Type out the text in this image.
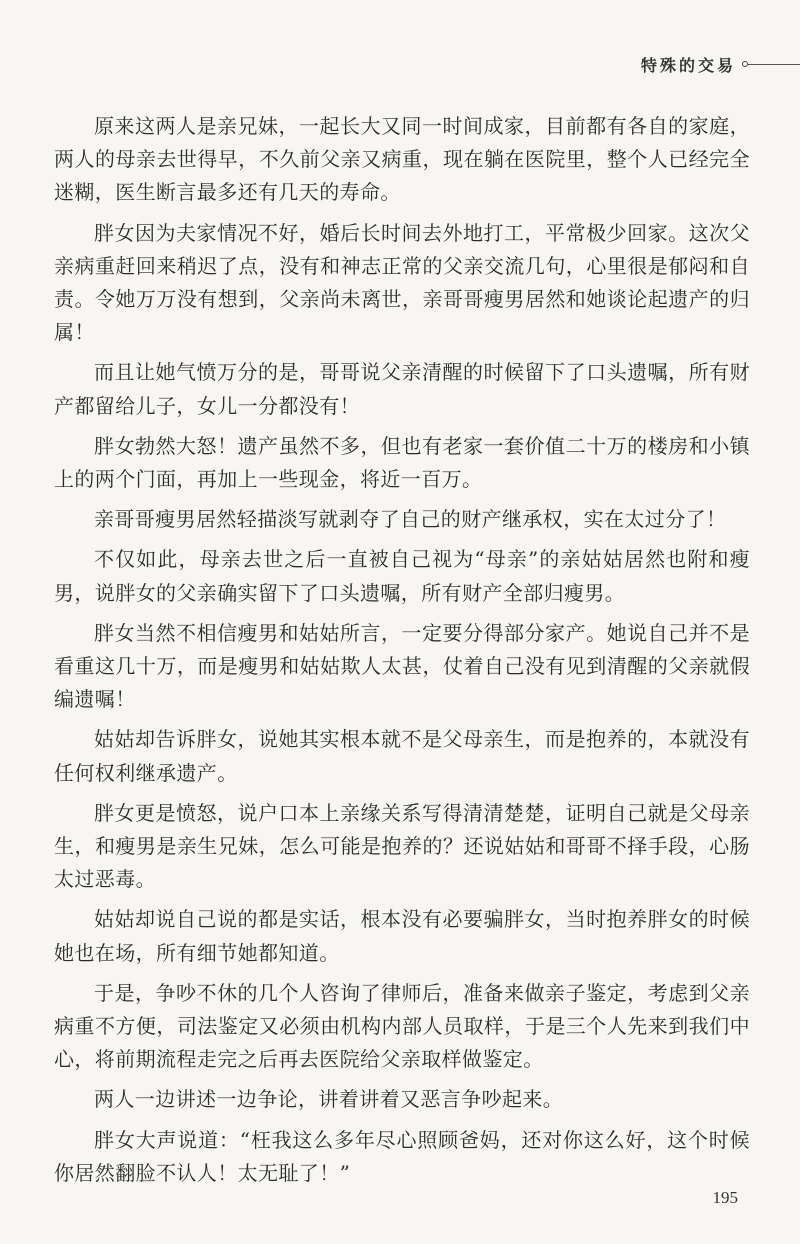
特殊的交易

原来这两人是亲兄妹，一起长大又同一时间成家，目前都有各自的家庭，两人的母亲去世得早，不久前父亲又病重，现在躺在医院里，整个人已经完全迷糊，医生断言最多还有几天的寿命。

胖女因为夫家情况不好，婚后长时间去外地打工，平常极少回家。这次父亲病重赶回来稍迟了点，没有和神志正常的父亲交流几句，心里很是郁闷和自责。令她万万没有想到，父亲尚未离世，亲哥哥瘦男居然和她谈论起遗产的归属！

而且让她气愤万分的是，哥哥说父亲清醒的时候留下了口头遗嘱，所有财产都留给儿子，女儿一分都没有！

胖女勃然大怒！遗产虽然不多，但也有老家一套价值二十万的楼房和小镇上的两个门面，再加上一些现金，将近一百万。

亲哥哥瘦男居然轻描淡写就剥夺了自己的财产继承权，实在太过分了！

不仅如此，母亲去世之后一直被自己视为“母亲”的亲姑姑居然也附和瘦男，说胖女的父亲确实留下了口头遗嘱，所有财产全部归瘦男。

胖女当然不相信瘦男和姑姑所言，一定要分得部分家产。她说自己并不是看重这几十万，而是瘦男和姑姑欺人太甚，仗着自己没有见到清醒的父亲就假编遗嘱！

姑姑却告诉胖女，说她其实根本就不是父母亲生，而是抱养的，本就没有任何权利继承遗产。

胖女更是愤怒，说户口本上亲缘关系写得清清楚楚，证明自己就是父母亲生，和瘦男是亲生兄妹，怎么可能是抱养的？还说姑姑和哥哥不择手段，心肠太过恶毒。

姑姑却说自己说的都是实话，根本没有必要骗胖女，当时抱养胖女的时候她也在场，所有细节她都知道。

于是，争吵不休的几个人咨询了律师后，准备来做亲子鉴定，考虑到父亲病重不方便，司法鉴定又必须由机构内部人员取样，于是三个人先来到我们中心，将前期流程走完之后再去医院给父亲取样做鉴定。

两人一边讲述一边争论，讲着讲着又恶言争吵起来。

胖女大声说道：“枉我这么多年尽心照顾爸妈，还对你这么好，这个时候你居然翻脸不认人！太无耻了！”

195
